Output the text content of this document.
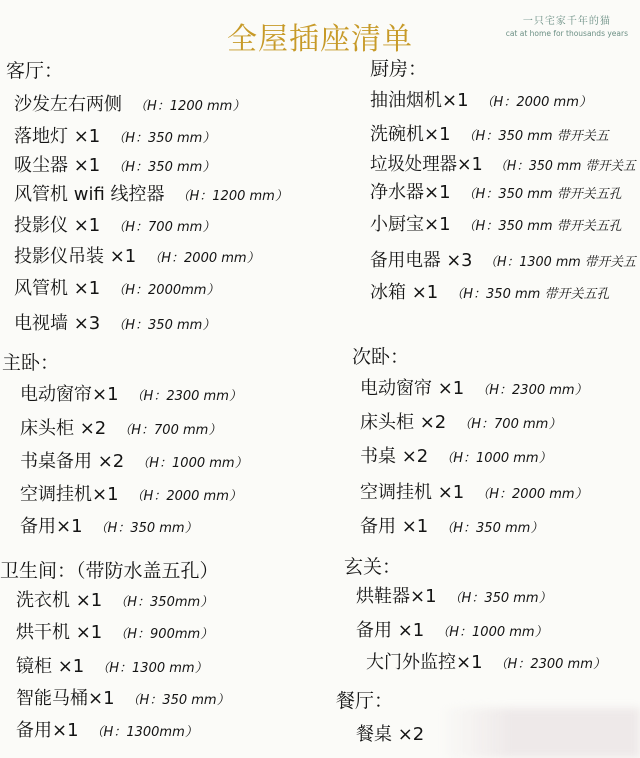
全屋插座清单
一只宅家千年的猫
cat at home for thousands years
客厅：
沙发左右两侧 （H：1200 mm）
落地灯 ×1 （H：350 mm）
吸尘器 ×1 （H：350 mm）
风管机 wifi 线控器 （H：1200 mm）
投影仪 ×1 （H：700 mm）
投影仪吊装 ×1 （H：2000 mm）
风管机 ×1 （H：2000mm）
电视墙 ×3 （H：350 mm）
厨房：
抽油烟机×1 （H：2000 mm）
洗碗机×1 （H：350 mm 带开关五
垃圾处理器×1 （H：350 mm 带开关五
净水器×1 （H：350 mm 带开关五孔
小厨宝×1 （H：350 mm 带开关五孔
备用电器 ×3 （H：1300 mm 带开关五
冰箱 ×1 （H：350 mm 带开关五孔
主卧：
电动窗帘×1 （H：2300 mm）
床头柜 ×2 （H：700 mm）
书桌备用 ×2 （H：1000 mm）
空调挂机×1 （H：2000 mm）
备用×1 （H：350 mm）
次卧：
电动窗帘 ×1 （H：2300 mm）
床头柜 ×2 （H：700 mm）
书桌 ×2 （H：1000 mm）
空调挂机 ×1 （H：2000 mm）
备用 ×1 （H：350 mm）
卫生间：（带防水盖五孔）
洗衣机 ×1 （H：350mm）
烘干机 ×1 （H：900mm）
镜柜 ×1 （H：1300 mm）
智能马桶×1 （H：350 mm）
备用×1 （H：1300mm）
玄关：
烘鞋器×1 （H：350 mm）
备用 ×1 （H：1000 mm）
大门外监控×1 （H：2300 mm）
餐厅：
餐桌 ×2
